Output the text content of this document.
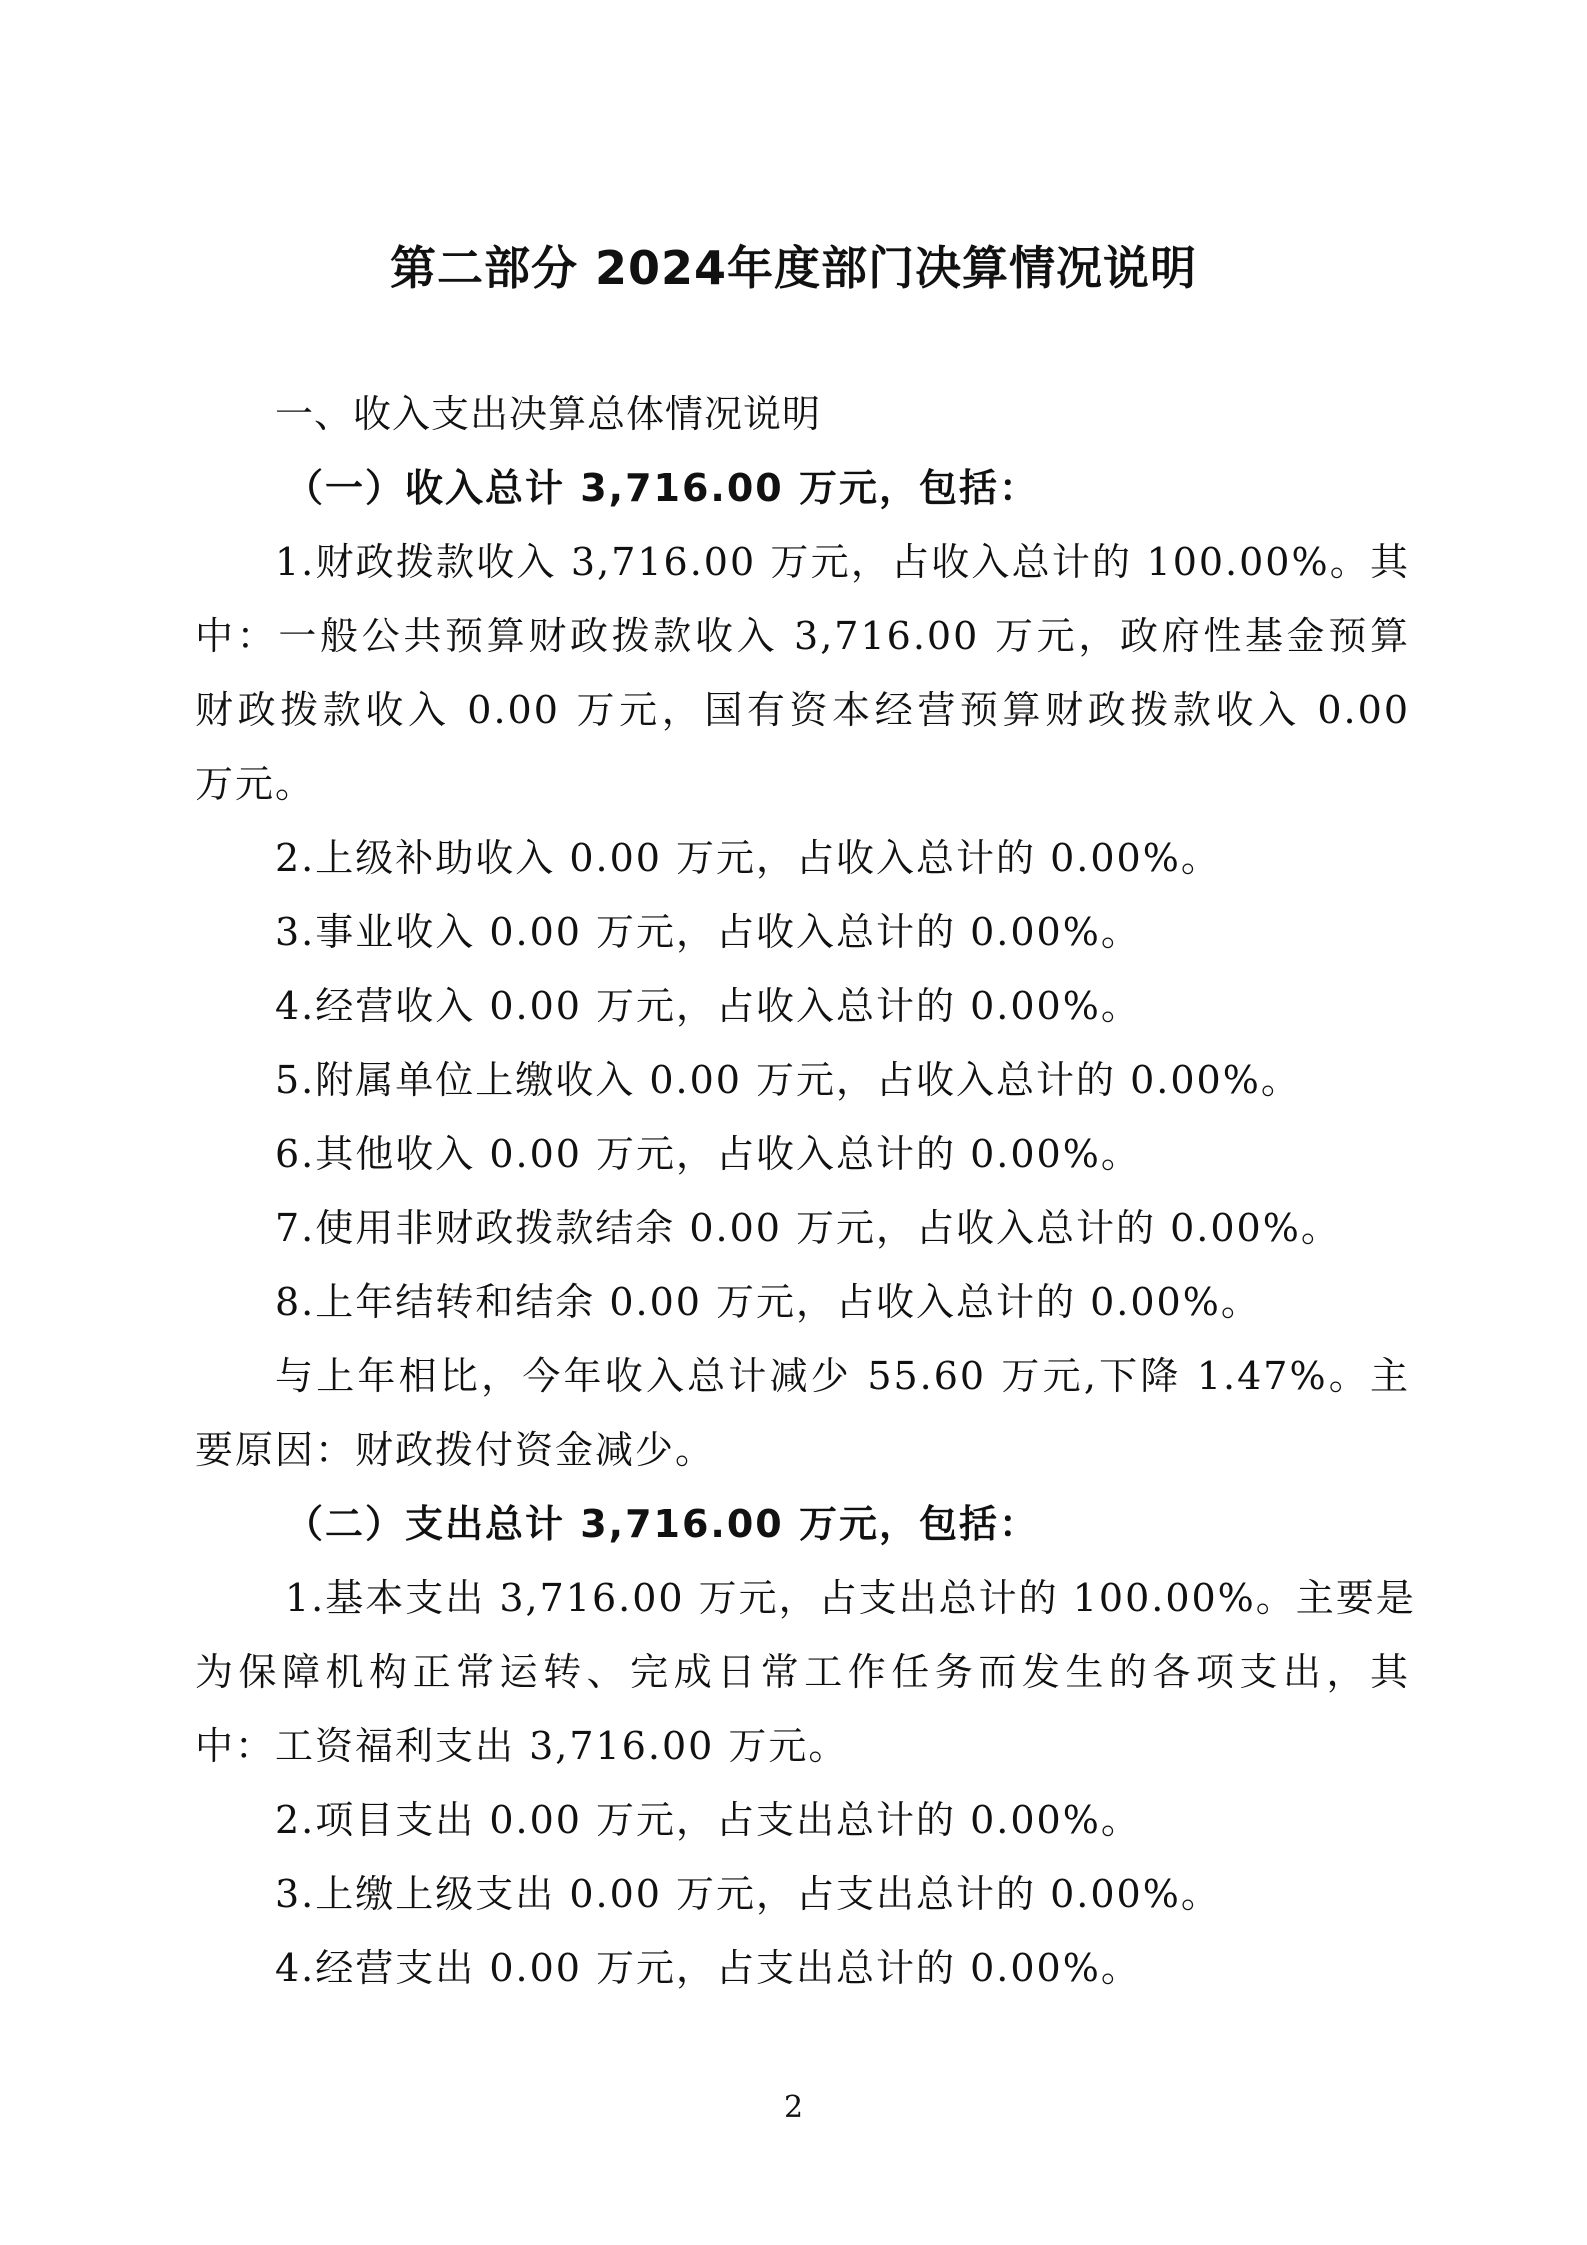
第二部分 2024年度部门决算情况说明
一、收入支出决算总体情况说明
（一）收入总计 3,716.00 万元，包括：
1.财政拨款收入 3,716.00 万元，占收入总计的 100.00%。其
中：一般公共预算财政拨款收入 3,716.00 万元，政府性基金预算
财政拨款收入 0.00 万元，国有资本经营预算财政拨款收入 0.00
万元。
2.上级补助收入 0.00 万元，占收入总计的 0.00%。
3.事业收入 0.00 万元，占收入总计的 0.00%。
4.经营收入 0.00 万元，占收入总计的 0.00%。
5.附属单位上缴收入 0.00 万元，占收入总计的 0.00%。
6.其他收入 0.00 万元，占收入总计的 0.00%。
7.使用非财政拨款结余 0.00 万元，占收入总计的 0.00%。
8.上年结转和结余 0.00 万元，占收入总计的 0.00%。
与上年相比，今年收入总计减少 55.60 万元,下降 1.47%。主
要原因：财政拨付资金减少。
（二）支出总计 3,716.00 万元，包括：
1.基本支出 3,716.00 万元，占支出总计的 100.00%。主要是
为保障机构正常运转、完成日常工作任务而发生的各项支出，其
中：工资福利支出 3,716.00 万元。
2.项目支出 0.00 万元，占支出总计的 0.00%。
3.上缴上级支出 0.00 万元，占支出总计的 0.00%。
4.经营支出 0.00 万元，占支出总计的 0.00%。
2
